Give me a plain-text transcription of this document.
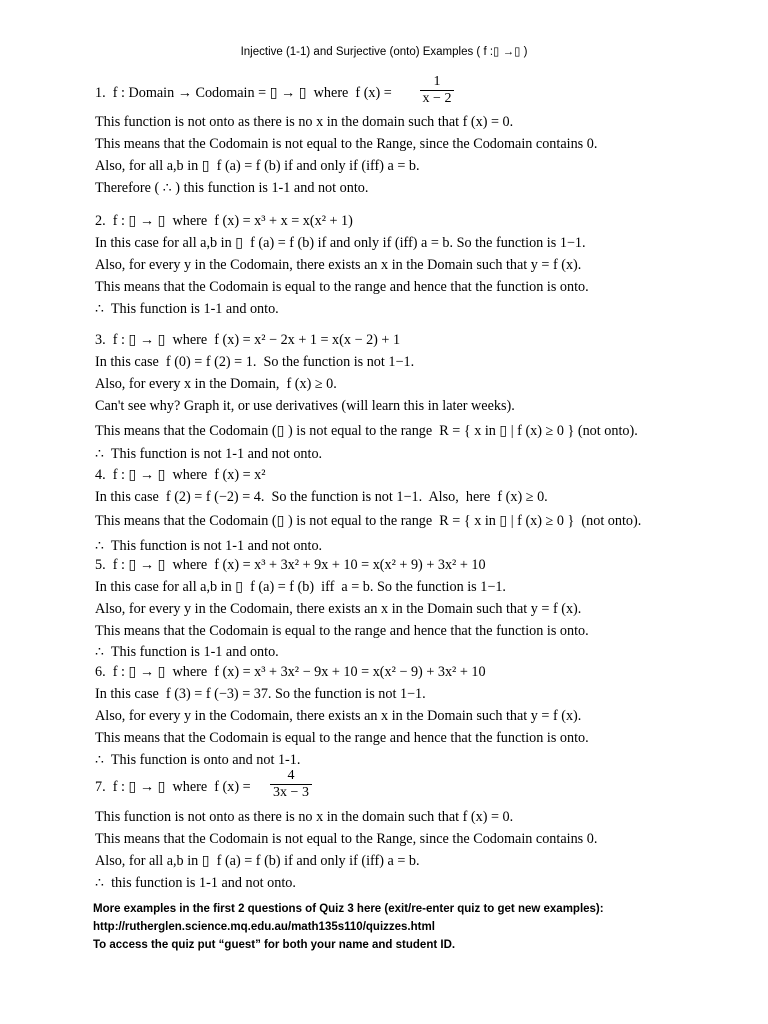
Injective (1-1) and Surjective (onto) Examples ( f :▯ →▯ )
1.  f : Domain → Codomain = ▯ → ▯  where  f $(x) = \frac{1}{x - 2}$
This function is not onto as there is no x in the domain such that f (x) = 0.
This means that the Codomain is not equal to the Range, since the Codomain contains 0.
Also, for all a,b in ▯  f (a) = f (b) if and only if (iff) a = b.
Therefore ( ∴ ) this function is 1-1 and not onto.
2.  f : ▯ → ▯  where  f (x) = x³ + x = x(x² + 1)
In this case for all a,b in ▯  f (a) = f (b) if and only if (iff) a = b. So the function is 1−1.
Also, for every y in the Codomain, there exists an x in the Domain such that y = f (x).
This means that the Codomain is equal to the range and hence that the function is onto.
∴  This function is 1-1 and onto.
3.  f : ▯ → ▯  where  f (x) = x² − 2x + 1 = x(x − 2) + 1
In this case  f (0) = f (2) = 1.  So the function is not 1−1.
Also, for every x in the Domain,  f (x) ≥ 0.
Can't see why? Graph it, or use derivatives (will learn this in later weeks).
This means that the Codomain (▯ ) is not equal to the range  R = { x in ▯ | f (x) ≥ 0 } (not onto).
∴  This function is not 1-1 and not onto.
4.  f : ▯ → ▯  where  f (x) = x²
In this case  f (2) = f (−2) = 4.  So the function is not 1−1.  Also,  here  f (x) ≥ 0.
This means that the Codomain (▯ ) is not equal to the range  R = { x in ▯ | f (x) ≥ 0 }  (not onto).
∴  This function is not 1-1 and not onto.
5.  f : ▯ → ▯  where  f (x) = x³ + 3x² + 9x + 10 = x(x² + 9) + 3x² + 10
In this case for all a,b in ▯  f (a) = f (b)  iff  a = b. So the function is 1−1.
Also, for every y in the Codomain, there exists an x in the Domain such that y = f (x).
This means that the Codomain is equal to the range and hence that the function is onto.
∴  This function is 1-1 and onto.
6.  f : ▯ → ▯  where  f (x) = x³ + 3x² − 9x + 10 = x(x² − 9) + 3x² + 10
In this case  f (3) = f (−3) = 37. So the function is not 1−1.
Also, for every y in the Codomain, there exists an x in the Domain such that y = f (x).
This means that the Codomain is equal to the range and hence that the function is onto.
∴  This function is onto and not 1-1.
7.  f : ▯ → ▯  where  f $(x) = \frac{4}{3x - 3}$
This function is not onto as there is no x in the domain such that f (x) = 0.
This means that the Codomain is not equal to the Range, since the Codomain contains 0.
Also, for all a,b in ▯  f (a) = f (b) if and only if (iff) a = b.
∴  this function is 1-1 and not onto.
More examples in the first 2 questions of Quiz 3 here (exit/re-enter quiz to get new examples):
http://rutherglen.science.mq.edu.au/math135s110/quizzes.html
To access the quiz put “guest” for both your name and student ID.
